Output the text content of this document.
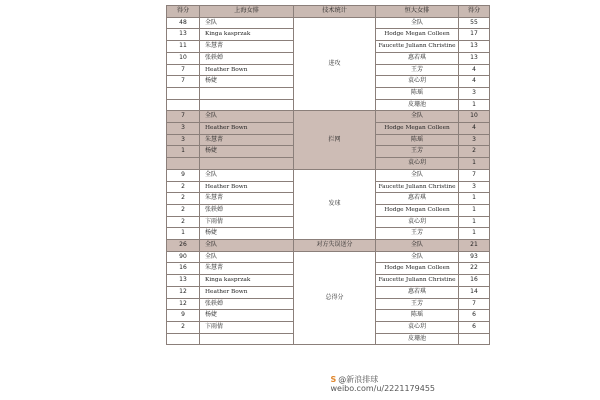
得分	上海女排	技术统计	恒大女排	得分
48	全队	进攻	全队	55
13	Kinga kasprzak		Hodge Megan Colleen	17
11	朱慧菁		Faucette Juliann Christine	13
10	张轶婵		惠若琪	13
7	Heather Bown		王芳	4
7	杨婕		袁心玥	4
			陈瑶	3
			皮珊池	1
7	全队	拦网	全队	10
3	Heather Bown		Hodge Megan Colleen	4
3	朱慧菁		陈瑶	3
1	杨婕		王芳	2
			袁心玥	1
9	全队	发球	全队	7
2	Heather Bown		Faucette Juliann Christine	3
2	朱慧菁		惠若琪	1
2	张轶婵		Hodge Megan Colleen	1
2	卞雨倩		袁心玥	1
1	杨婕		王芳	1
26	全队	对方失误送分	全队	21
90	全队	总得分	全队	93
16	朱慧菁		Hodge Megan Colleen	22
13	Kinga kasprzak		Faucette Juliann Christine	16
12	Heather Bown		惠若琪	14
12	张轶婵		王芳	7
9	杨婕		陈瑶	6
2	卞雨倩		袁心玥	6
			皮珊池	
S @新浪排球
weibo.com/u/2221179455
